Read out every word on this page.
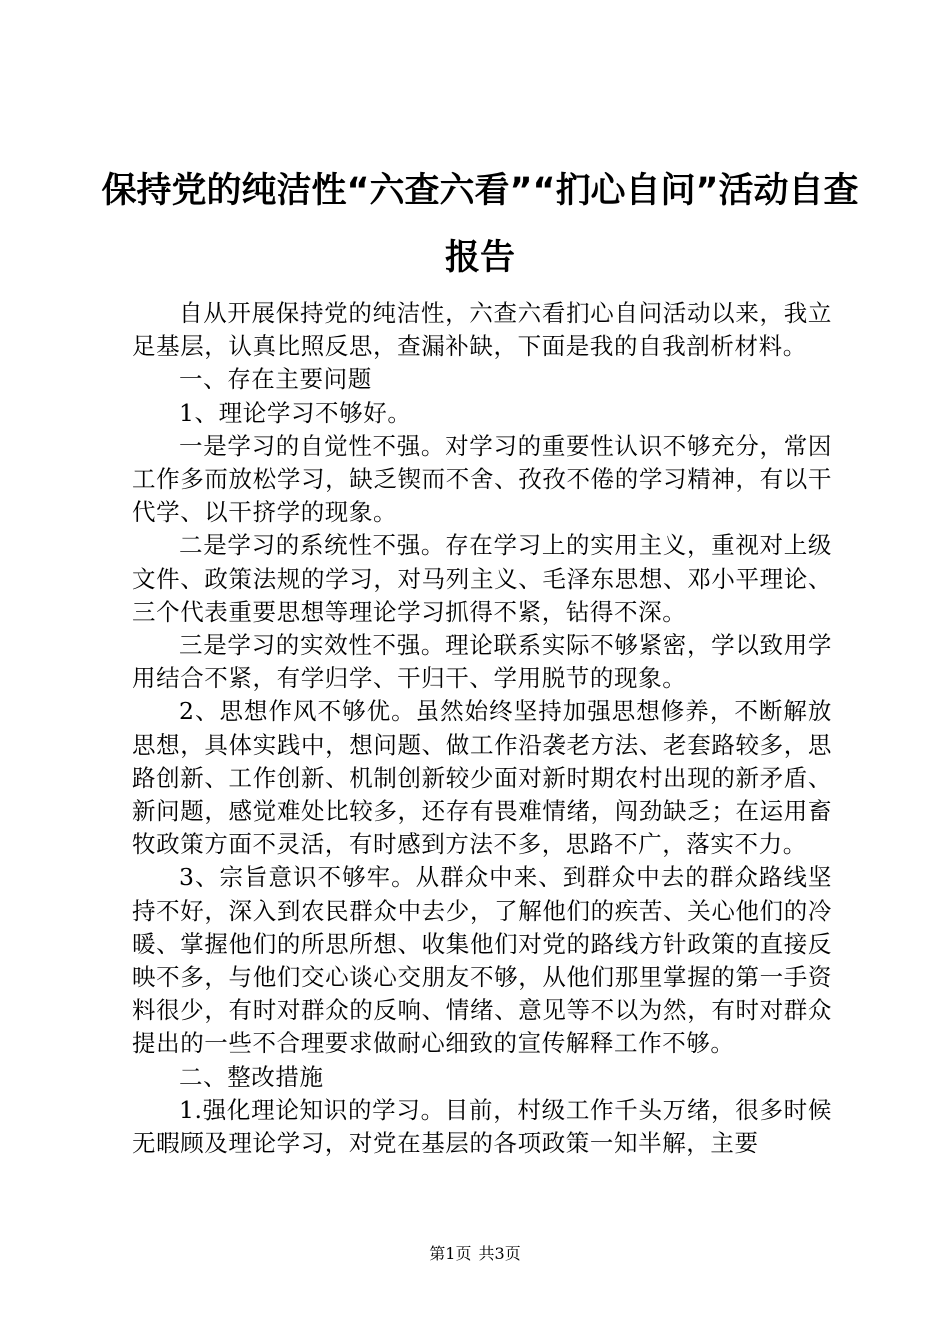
保持党的纯洁性“六查六看”“扪心自问”活动自查报告

自从开展保持党的纯洁性，六查六看扪心自问活动以来，我立足基层，认真比照反思，查漏补缺，下面是我的自我剖析材料。

一、存在主要问题

1、理论学习不够好。

一是学习的自觉性不强。对学习的重要性认识不够充分，常因工作多而放松学习，缺乏锲而不舍、孜孜不倦的学习精神，有以干代学、以干挤学的现象。

二是学习的系统性不强。存在学习上的实用主义，重视对上级文件、政策法规的学习，对马列主义、毛泽东思想、邓小平理论、三个代表重要思想等理论学习抓得不紧，钻得不深。

三是学习的实效性不强。理论联系实际不够紧密，学以致用学用结合不紧，有学归学、干归干、学用脱节的现象。

2、思想作风不够优。虽然始终坚持加强思想修养，不断解放思想，具体实践中，想问题、做工作沿袭老方法、老套路较多，思路创新、工作创新、机制创新较少面对新时期农村出现的新矛盾、新问题，感觉难处比较多，还存有畏难情绪，闯劲缺乏；在运用畜牧政策方面不灵活，有时感到方法不多，思路不广，落实不力。

3、宗旨意识不够牢。从群众中来、到群众中去的群众路线坚持不好，深入到农民群众中去少，了解他们的疾苦、关心他们的冷暖、掌握他们的所思所想、收集他们对党的路线方针政策的直接反映不多，与他们交心谈心交朋友不够，从他们那里掌握的第一手资料很少，有时对群众的反响、情绪、意见等不以为然，有时对群众提出的一些不合理要求做耐心细致的宣传解释工作不够。

二、整改措施

1.强化理论知识的学习。目前，村级工作千头万绪，很多时候无暇顾及理论学习，对党在基层的各项政策一知半解，主要

第1页 共3页
